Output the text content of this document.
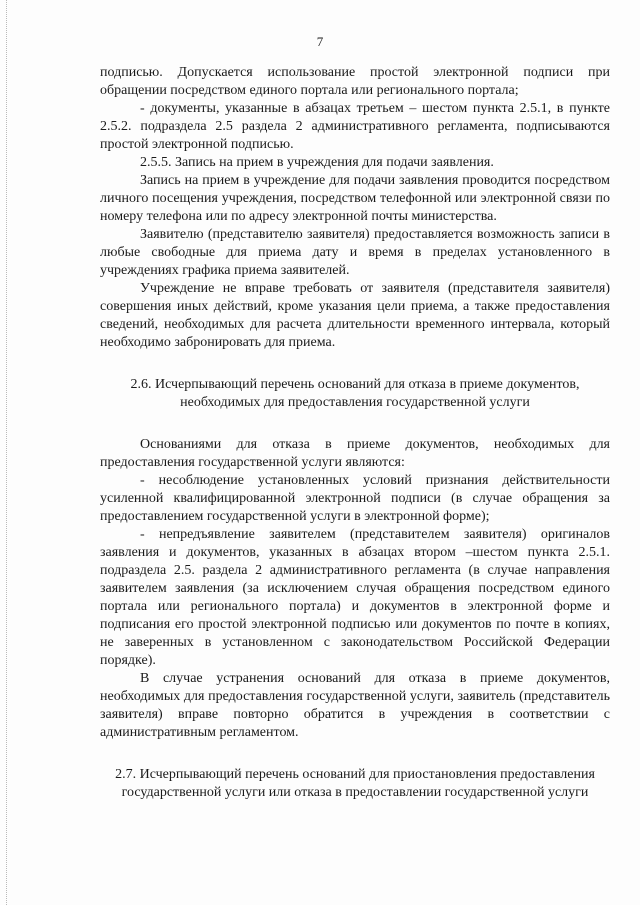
7

подписью. Допускается использование простой электронной подписи при обращении посредством единого портала или регионального портала;

- документы, указанные в абзацах третьем – шестом пункта 2.5.1, в пункте 2.5.2. подраздела 2.5 раздела 2 административного регламента, подписываются простой электронной подписью.

2.5.5. Запись на прием в учреждения для подачи заявления.

Запись на прием в учреждение для подачи заявления проводится посредством личного посещения учреждения, посредством телефонной или электронной связи по номеру телефона или по адресу электронной почты министерства.

Заявителю (представителю заявителя) предоставляется возможность записи в любые свободные для приема дату и время в пределах установленного в учреждениях графика приема заявителей.

Учреждение не вправе требовать от заявителя (представителя заявителя) совершения иных действий, кроме указания цели приема, а также предоставления сведений, необходимых для расчета длительности временного интервала, который необходимо забронировать для приема.

2.6. Исчерпывающий перечень оснований для отказа в приеме документов, необходимых для предоставления государственной услуги

Основаниями для отказа в приеме документов, необходимых для предоставления государственной услуги являются:

- несоблюдение установленных условий признания действительности усиленной квалифицированной электронной подписи (в случае обращения за предоставлением государственной услуги в электронной форме);

- непредъявление заявителем (представителем заявителя) оригиналов заявления и документов, указанных в абзацах втором –шестом пункта 2.5.1. подраздела 2.5. раздела 2 административного регламента (в случае направления заявителем заявления (за исключением случая обращения посредством единого портала или регионального портала) и документов в электронной форме и подписания его простой электронной подписью или документов по почте в копиях, не заверенных в установленном с законодательством Российской Федерации порядке).

В случае устранения оснований для отказа в приеме документов, необходимых для предоставления государственной услуги, заявитель (представитель заявителя) вправе повторно обратится в учреждения в соответствии с административным регламентом.

2.7. Исчерпывающий перечень оснований для приостановления предоставления государственной услуги или отказа в предоставлении государственной услуги
